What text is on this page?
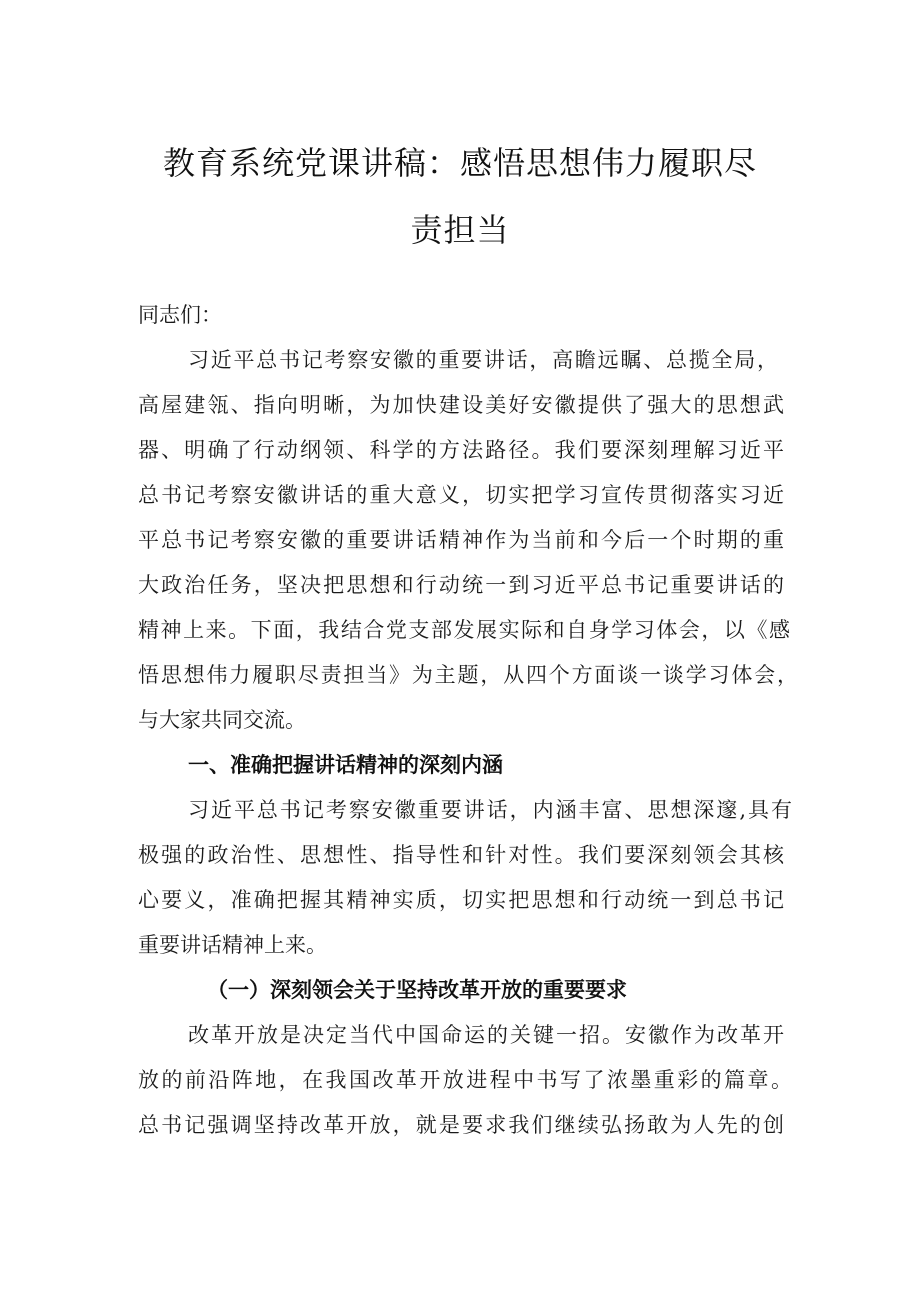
教育系统党课讲稿：感悟思想伟力履职尽
责担当
同志们：
习近平总书记考察安徽的重要讲话，高瞻远瞩、总揽全局，
高屋建瓴、指向明晰，为加快建设美好安徽提供了强大的思想武
器、明确了行动纲领、科学的方法路径。我们要深刻理解习近平
总书记考察安徽讲话的重大意义，切实把学习宣传贯彻落实习近
平总书记考察安徽的重要讲话精神作为当前和今后一个时期的重
大政治任务，坚决把思想和行动统一到习近平总书记重要讲话的
精神上来。下面，我结合党支部发展实际和自身学习体会，以《感
悟思想伟力履职尽责担当》为主题，从四个方面谈一谈学习体会，
与大家共同交流。
一、准确把握讲话精神的深刻内涵
习近平总书记考察安徽重要讲话，内涵丰富、思想深邃,具有
极强的政治性、思想性、指导性和针对性。我们要深刻领会其核
心要义，准确把握其精神实质，切实把思想和行动统一到总书记
重要讲话精神上来。
（一）深刻领会关于坚持改革开放的重要要求
改革开放是决定当代中国命运的关键一招。安徽作为改革开
放的前沿阵地，在我国改革开放进程中书写了浓墨重彩的篇章。
总书记强调坚持改革开放，就是要求我们继续弘扬敢为人先的创
